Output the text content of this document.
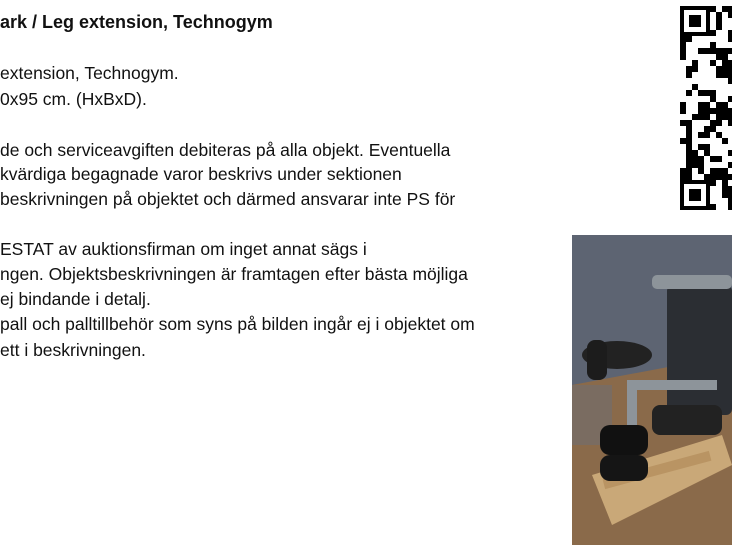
ark / Leg extension, Technogym
extension, Technogym.
0x95 cm. (HxBxD).
de och serviceavgiften debiteras på alla objekt. Eventuella
kvärdiga begagnade varor beskrivs under sektionen
beskrivningen på objektet och därmed ansvarar inte PS för
ESTAT av auktionsfirman om inget annat sägs i
ngen. Objektsbeskrivningen är framtagen efter bästa möjliga
ej bindande i detalj.
pall och palltillbehör som syns på bilden ingår ej i objektet om
ett i beskrivningen.
